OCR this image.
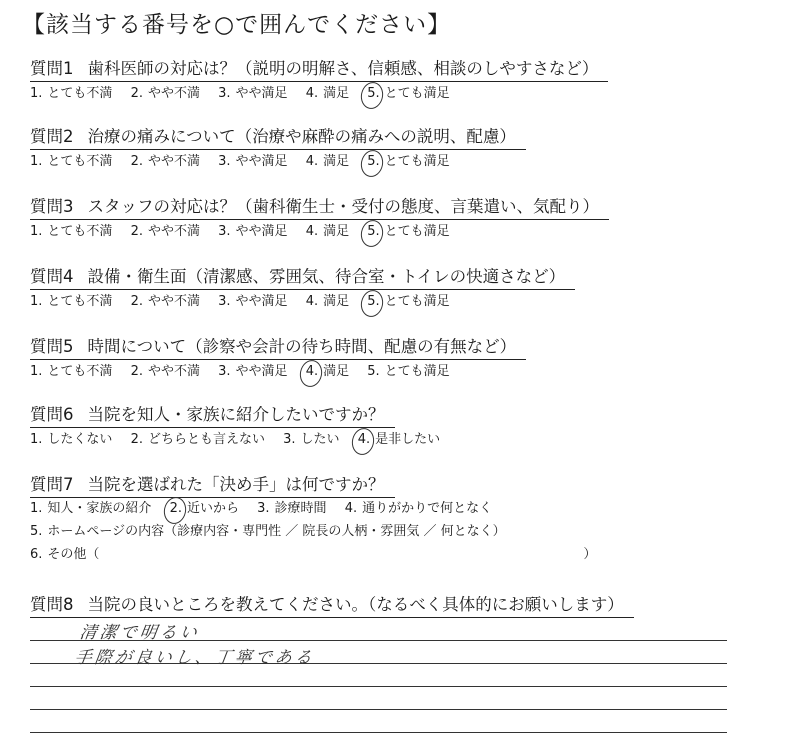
【該当する番号を○で囲んでください】
質問1 歯科医師の対応は？（説明の明解さ、信頼感、相談のしやすさなど）
1. とても不満 2. やや不満 3. やや満足 4. 満足 5. とても満足
質問2 治療の痛みについて（治療や麻酔の痛みへの説明、配慮）
1. とても不満 2. やや不満 3. やや満足 4. 満足 5. とても満足
質問3 スタッフの対応は？（歯科衛生士・受付の態度、言葉遣い、気配り）
1. とても不満 2. やや不満 3. やや満足 4. 満足 5. とても満足
質問4 設備・衛生面（清潔感、雰囲気、待合室・トイレの快適さなど）
1. とても不満 2. やや不満 3. やや満足 4. 満足 5. とても満足
質問5 時間について（診察や会計の待ち時間、配慮の有無など）
1. とても不満 2. やや不満 3. やや満足 4. 満足 5. とても満足
質問6 当院を知人・家族に紹介したいですか？
1. したくない 2. どちらとも言えない 3. したい 4. 是非したい
質問7 当院を選ばれた「決め手」は何ですか？
1. 知人・家族の紹介 2. 近いから 3. 診療時間 4. 通りがかりで何となく
5. ホームページの内容（診療内容・専門性 ／ 院長の人柄・雰囲気 ／ 何となく）
6. その他（	）
質問8 当院の良いところを教えてください。（なるべく具体的にお願いします）
清潔で明るい
手際が良いし、丁寧である
